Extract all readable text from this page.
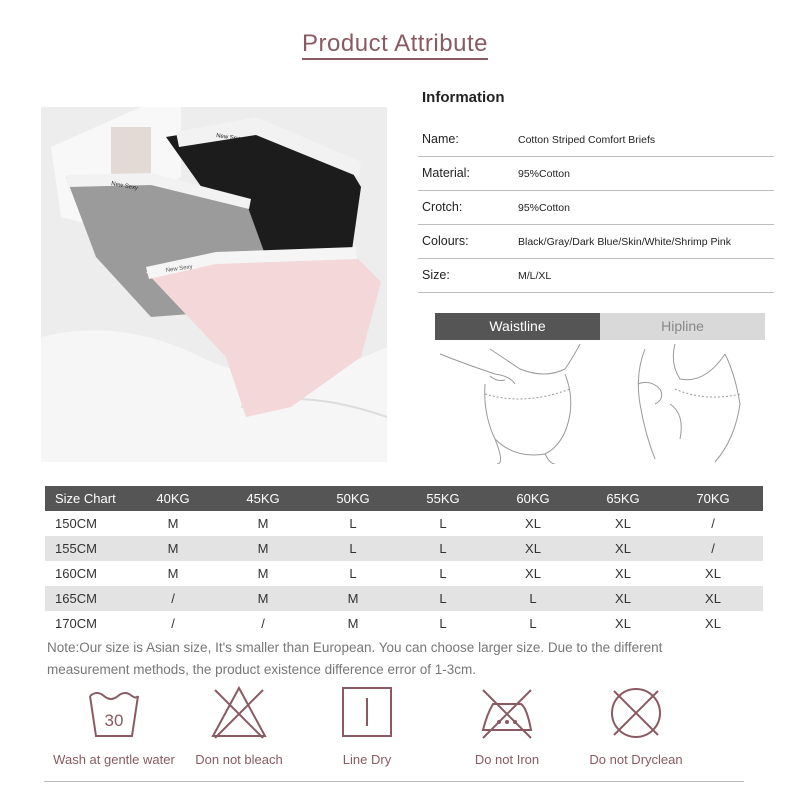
Product Attribute
New Sexy
New Sexy
New Sexy
Information
Name:	Cotton Striped Comfort Briefs
Material:	95%Cotton
Crotch:	95%Cotton
Colours:	Black/Gray/Dark Blue/Skin/White/Shrimp Pink
Size:	M/L/XL
Waistline	Hipline
Size Chart	40KG	45KG	50KG	55KG	60KG	65KG	70KG
150CM	M	M	L	L	XL	XL	/
155CM	M	M	L	L	XL	XL	/
160CM	M	M	L	L	XL	XL	XL
165CM	/	M	M	L	L	XL	XL
170CM	/	/	M	L	L	XL	XL
Note:Our size is Asian size, It's smaller than European. You can choose larger size. Due to the different measurement methods, the product existence difference error of 1-3cm.
30
Wash at gentle water	Don not bleach	Line Dry	Do not Iron	Do not Dryclean
